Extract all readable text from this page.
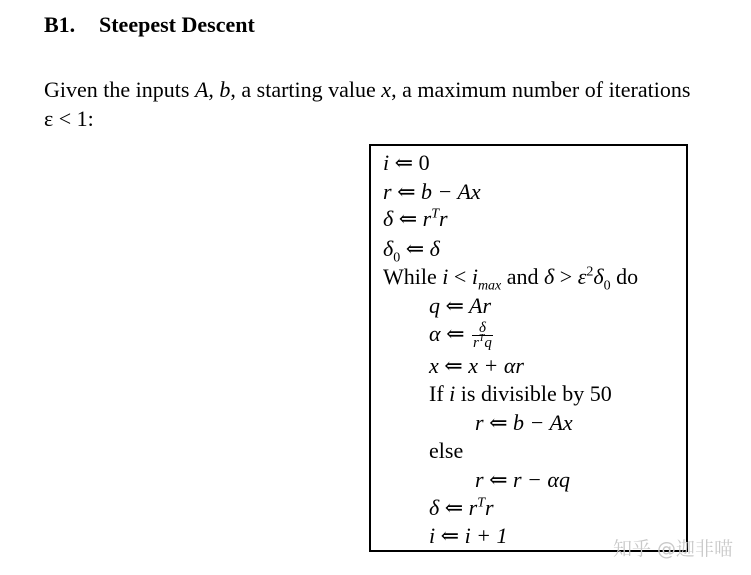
B1. Steepest Descent
Given the inputs A, b, a starting value x, a maximum number of iterations
ε < 1:
i ⇐ 0
r ⇐ b − Ax
δ ⇐ $r^Tr$
$\delta_0$ ⇐ δ
While $i < i_{max}$ and $\delta > \varepsilon^2\delta_0$ do
q ⇐ Ar
α ⇐ $\frac{\delta}{r^Tq}$
x ⇐ x + αr
If i is divisible by 50
r ⇐ b − Ax
else
r ⇐ r − αq
δ ⇐ $r^Tr$
i ⇐ i + 1
知乎 @迦非喵
